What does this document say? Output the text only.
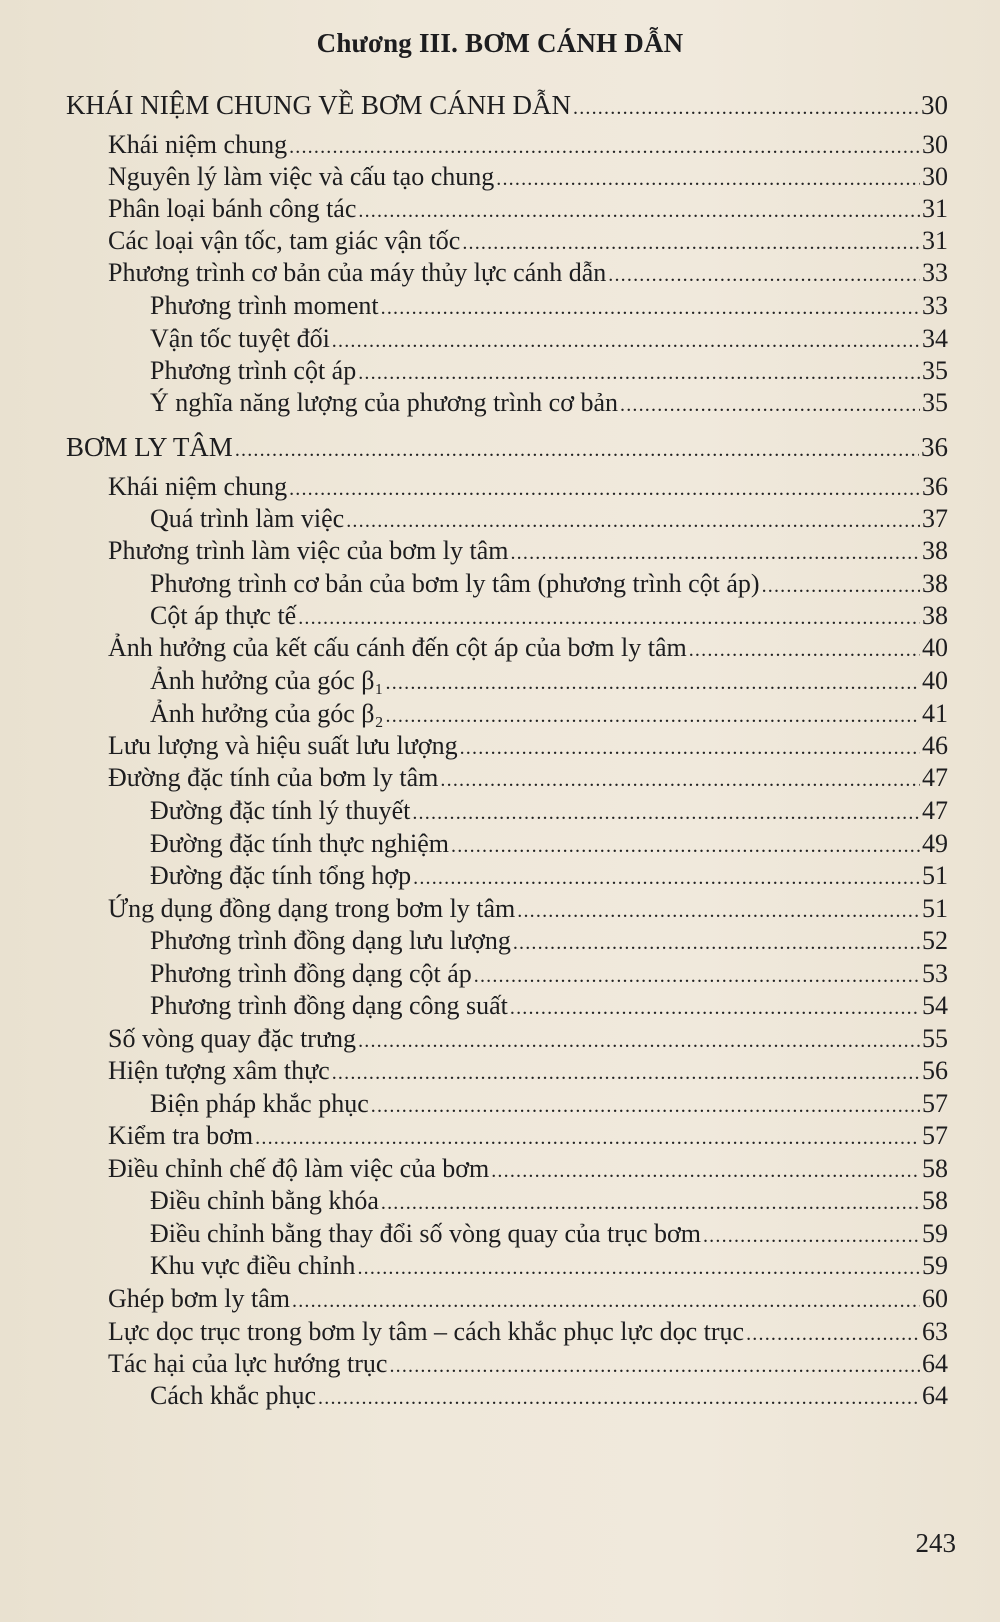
Chương III. BƠM CÁNH DẪN
KHÁI NIỆM CHUNG VỀ BƠM CÁNH DẪN .....	30
Khái niệm chung .....	30
Nguyên lý làm việc và cấu tạo chung .....	30
Phân loại bánh công tác .....	31
Các loại vận tốc, tam giác vận tốc .....	31
Phương trình cơ bản của máy thủy lực cánh dẫn .....	33
Phương trình moment .....	33
Vận tốc tuyệt đối .....	34
Phương trình cột áp .....	35
Ý nghĩa năng lượng của phương trình cơ bản .....	35
BƠM LY TÂM .....	36
Khái niệm chung .....	36
Quá trình làm việc .....	37
Phương trình làm việc của bơm ly tâm .....	38
Phương trình cơ bản của bơm ly tâm (phương trình cột áp) .....	38
Cột áp thực tế .....	38
Ảnh hưởng của kết cấu cánh đến cột áp của bơm ly tâm .....	40
Ảnh hưởng của góc β₁ .....	40
Ảnh hưởng của góc β₂ .....	41
Lưu lượng và hiệu suất lưu lượng .....	46
Đường đặc tính của bơm ly tâm .....	47
Đường đặc tính lý thuyết .....	47
Đường đặc tính thực nghiệm .....	49
Đường đặc tính tổng hợp .....	51
Ứng dụng đồng dạng trong bơm ly tâm .....	51
Phương trình đồng dạng lưu lượng .....	52
Phương trình đồng dạng cột áp .....	53
Phương trình đồng dạng công suất .....	54
Số vòng quay đặc trưng .....	55
Hiện tượng xâm thực .....	56
Biện pháp khắc phục .....	57
Kiểm tra bơm .....	57
Điều chỉnh chế độ làm việc của bơm .....	58
Điều chỉnh bằng khóa .....	58
Điều chỉnh bằng thay đổi số vòng quay của trục bơm .....	59
Khu vực điều chỉnh .....	59
Ghép bơm ly tâm .....	60
Lực dọc trục trong bơm ly tâm – cách khắc phục lực dọc trục .....	63
Tác hại của lực hướng trục .....	64
Cách khắc phục .....	64
243
